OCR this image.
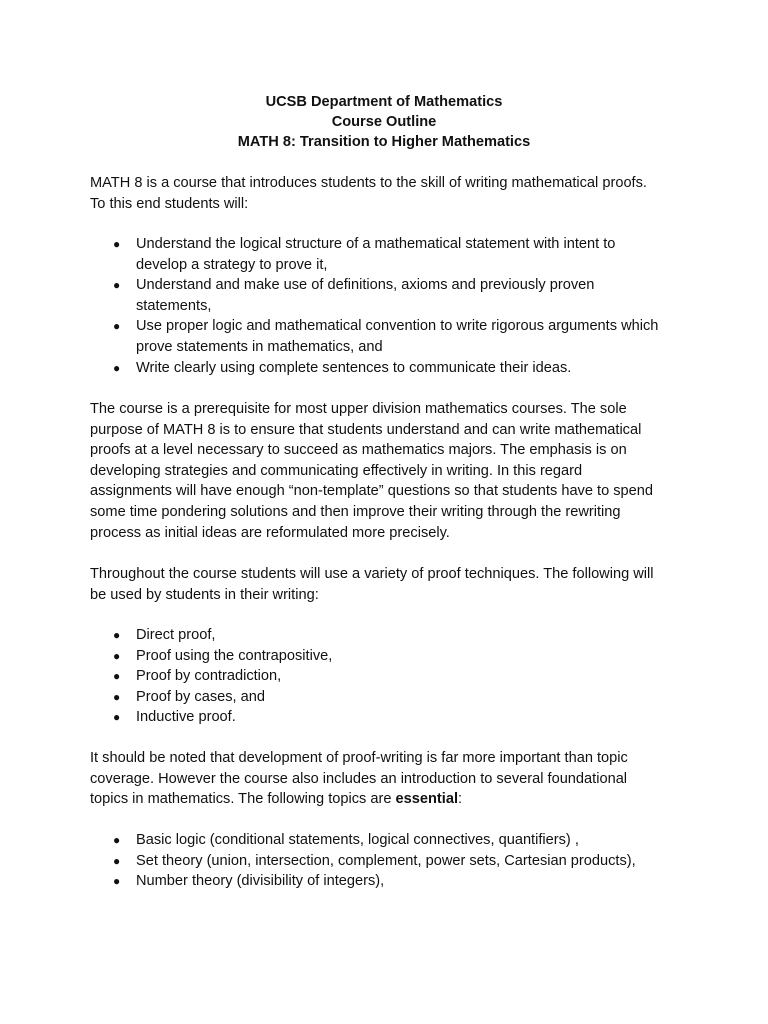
UCSB Department of Mathematics
Course Outline
MATH 8: Transition to Higher Mathematics

MATH 8 is a course that introduces students to the skill of writing mathematical proofs.
To this end students will:

● Understand the logical structure of a mathematical statement with intent to
develop a strategy to prove it,
● Understand and make use of definitions, axioms and previously proven
statements,
● Use proper logic and mathematical convention to write rigorous arguments which
prove statements in mathematics, and
● Write clearly using complete sentences to communicate their ideas.

The course is a prerequisite for most upper division mathematics courses. The sole
purpose of MATH 8 is to ensure that students understand and can write mathematical
proofs at a level necessary to succeed as mathematics majors. The emphasis is on
developing strategies and communicating effectively in writing. In this regard
assignments will have enough “non-template” questions so that students have to spend
some time pondering solutions and then improve their writing through the rewriting
process as initial ideas are reformulated more precisely.

Throughout the course students will use a variety of proof techniques. The following will
be used by students in their writing:

● Direct proof,
● Proof using the contrapositive,
● Proof by contradiction,
● Proof by cases, and
● Inductive proof.

It should be noted that development of proof-writing is far more important than topic
coverage. However the course also includes an introduction to several foundational
topics in mathematics. The following topics are essential:

● Basic logic (conditional statements, logical connectives, quantifiers) ,
● Set theory (union, intersection, complement, power sets, Cartesian products),
● Number theory (divisibility of integers),
